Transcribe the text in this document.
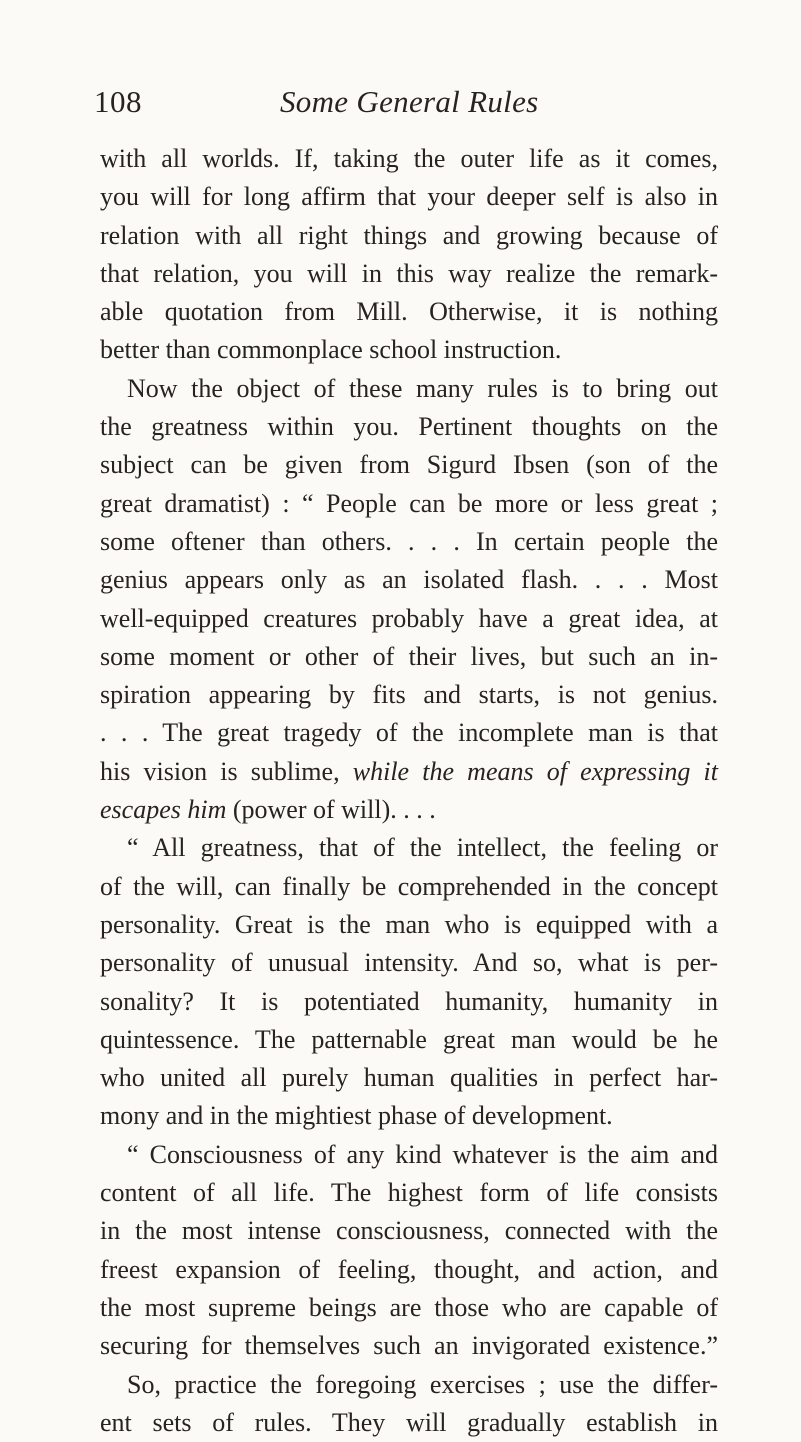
108	Some General Rules
with all worlds. If, taking the outer life as it comes,
you will for long affirm that your deeper self is also in
relation with all right things and growing because of
that relation, you will in this way realize the remark-
able quotation from Mill. Otherwise, it is nothing
better than commonplace school instruction.
Now the object of these many rules is to bring out
the greatness within you. Pertinent thoughts on the
subject can be given from Sigurd Ibsen (son of the
great dramatist) : “ People can be more or less great ;
some oftener than others. . . . In certain people the
genius appears only as an isolated flash. . . . Most
well-equipped creatures probably have a great idea, at
some moment or other of their lives, but such an in-
spiration appearing by fits and starts, is not genius.
. . . The great tragedy of the incomplete man is that
his vision is sublime, while the means of expressing it
escapes him (power of will). . . .
“ All greatness, that of the intellect, the feeling or
of the will, can finally be comprehended in the concept
personality. Great is the man who is equipped with a
personality of unusual intensity. And so, what is per-
sonality? It is potentiated humanity, humanity in
quintessence. The patternable great man would be he
who united all purely human qualities in perfect har-
mony and in the mightiest phase of development.
“ Consciousness of any kind whatever is the aim and
content of all life. The highest form of life consists
in the most intense consciousness, connected with the
freest expansion of feeling, thought, and action, and
the most supreme beings are those who are capable of
securing for themselves such an invigorated existence.”
So, practice the foregoing exercises ; use the differ-
ent sets of rules. They will gradually establish in
